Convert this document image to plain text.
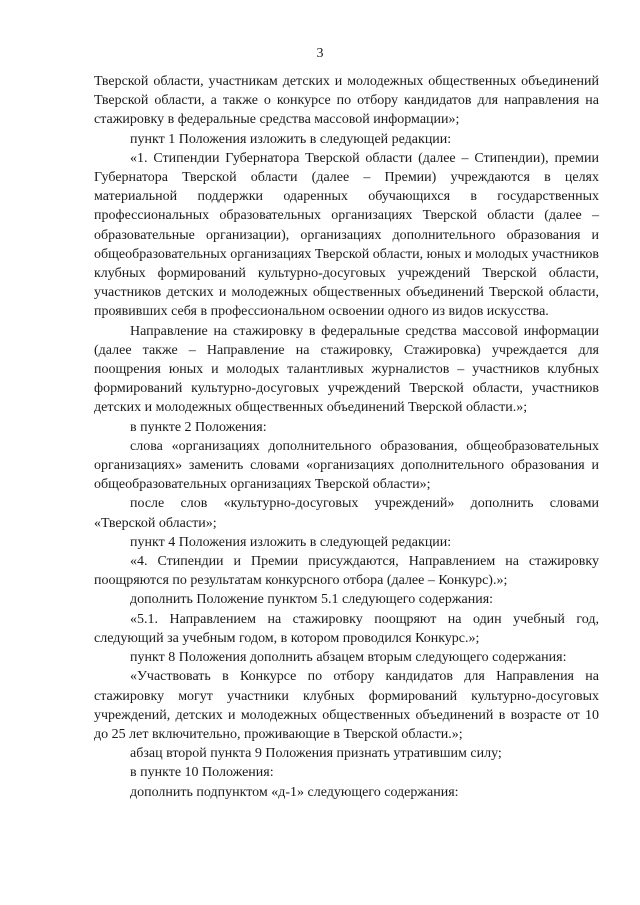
3

Тверской области, участникам детских и молодежных общественных объединений Тверской области, а также о конкурсе по отбору кандидатов для направления на стажировку в федеральные средства массовой информации»;

пункт 1 Положения изложить в следующей редакции:

«1. Стипендии Губернатора Тверской области (далее – Стипендии), премии Губернатора Тверской области (далее – Премии) учреждаются в целях материальной поддержки одаренных обучающихся в государственных профессиональных образовательных организациях Тверской области (далее – образовательные организации), организациях дополнительного образования и общеобразовательных организациях Тверской области, юных и молодых участников клубных формирований культурно-досуговых учреждений Тверской области, участников детских и молодежных общественных объединений Тверской области, проявивших себя в профессиональном освоении одного из видов искусства.

Направление на стажировку в федеральные средства массовой информации (далее также – Направление на стажировку, Стажировка) учреждается для поощрения юных и молодых талантливых журналистов – участников клубных формирований культурно-досуговых учреждений Тверской области, участников детских и молодежных общественных объединений Тверской области.»;

в пункте 2 Положения:

слова «организациях дополнительного образования, общеобразовательных организациях» заменить словами «организациях дополнительного образования и общеобразовательных организациях Тверской области»;

после слов «культурно-досуговых учреждений» дополнить словами «Тверской области»;

пункт 4 Положения изложить в следующей редакции:

«4. Стипендии и Премии присуждаются, Направлением на стажировку поощряются по результатам конкурсного отбора (далее – Конкурс).»;

дополнить Положение пунктом 5.1 следующего содержания:

«5.1. Направлением на стажировку поощряют на один учебный год, следующий за учебным годом, в котором проводился Конкурс.»;

пункт 8 Положения дополнить абзацем вторым следующего содержания:

«Участвовать в Конкурсе по отбору кандидатов для Направления на стажировку могут участники клубных формирований культурно-досуговых учреждений, детских и молодежных общественных объединений в возрасте от 10 до 25 лет включительно, проживающие в Тверской области.»;

абзац второй пункта 9 Положения признать утратившим силу;

в пункте 10 Положения:

дополнить подпунктом «д-1» следующего содержания:
